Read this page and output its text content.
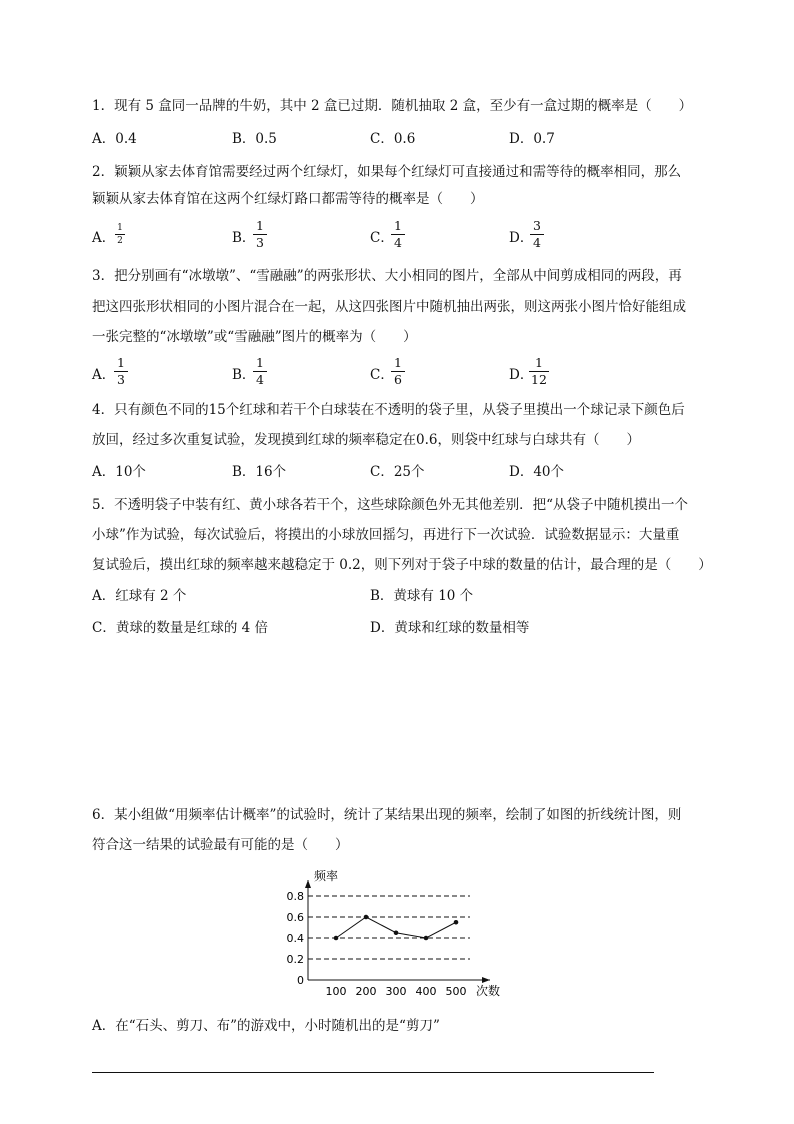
1．现有 5 盒同一品牌的牛奶，其中 2 盒已过期．随机抽取 2 盒，至少有一盒过期的概率是（　　）
A．0.4	B．0.5	C．0.6	D．0.7
2．颖颖从家去体育馆需要经过两个红绿灯，如果每个红绿灯可直接通过和需等待的概率相同，那么
颖颖从家去体育馆在这两个红绿灯路口都需等待的概率是（　　）
A．
1
2	B．
1
3	C．
1
4	D．
3
4
3．把分别画有“冰墩墩”、“雪融融”的两张形状、大小相同的图片，全部从中间剪成相同的两段，再
把这四张形状相同的小图片混合在一起，从这四张图片中随机抽出两张，则这两张小图片恰好能组成
一张完整的“冰墩墩”或“雪融融”图片的概率为（　　）
A．
1
3	B．
1
4	C．
1
6	D．
1
12
4．只有颜色不同的15个红球和若干个白球装在不透明的袋子里，从袋子里摸出一个球记录下颜色后
放回，经过多次重复试验，发现摸到红球的频率稳定在0.6，则袋中红球与白球共有（　　）
A．10个	B．16个	C．25个	D．40个
5．不透明袋子中装有红、黄小球各若干个，这些球除颜色外无其他差别．把“从袋子中随机摸出一个
小球”作为试验，每次试验后，将摸出的小球放回摇匀，再进行下一次试验．试验数据显示：大量重
复试验后，摸出红球的频率越来越稳定于 0.2，则下列对于袋子中球的数量的估计，最合理的是（　　）
A．红球有 2 个	B．黄球有 10 个
C．黄球的数量是红球的 4 倍	D．黄球和红球的数量相等
6．某小组做“用频率估计概率”的试验时，统计了某结果出现的频率，绘制了如图的折线统计图，则
符合这一结果的试验最有可能的是（　　）
0.8
0.6
0.4
0.2
0
100 200 300 400 500
频率
次数
A．在“石头、剪刀、布”的游戏中，小时随机出的是“剪刀”
